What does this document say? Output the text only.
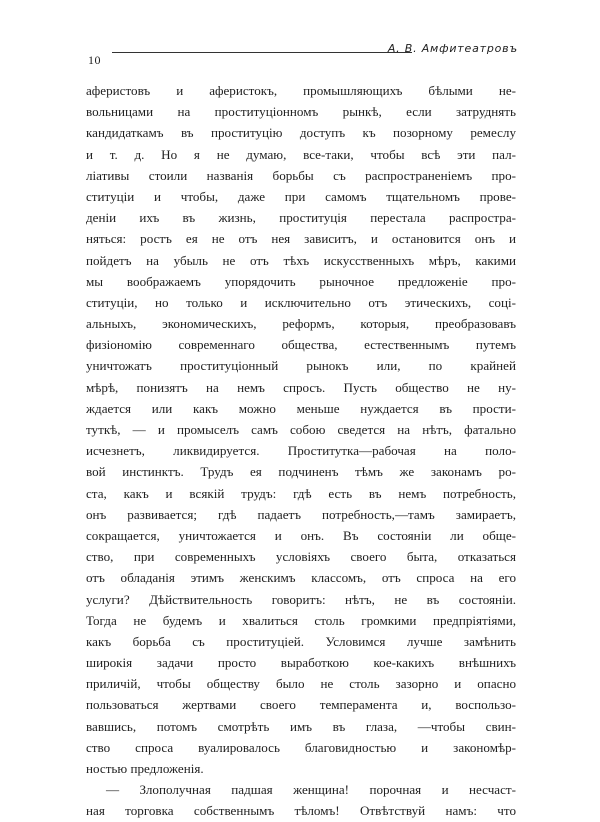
10
А. В. Амфитеатровъ
аферистовъ и аферистокъ, промышляющихъ бѣлыми не-
вольницами на проституціонномъ рынкѣ, если затруднять
кандидаткамъ въ проституцію доступъ къ позорному ремеслу
и т. д. Но я не думаю, все-таки, чтобы всѣ эти пал-
ліативы стоили названія борьбы съ распространеніемъ про-
ституціи и чтобы, даже при самомъ тщательномъ прове-
деніи ихъ въ жизнь, проституція перестала распростра-
няться: ростъ ея не отъ нея зависитъ, и остановится онъ и
пойдетъ на убыль не отъ тѣхъ искусственныхъ мѣръ, какими
мы воображаемъ упорядочить рыночное предложеніе про-
ституціи, но только и исключительно отъ этическихъ, соці-
альныхъ, экономическихъ, реформъ, которыя, преобразовавъ
физіономію современнаго общества, естественнымъ путемъ
уничтожатъ проституціонный рынокъ или, по крайней
мѣрѣ, понизятъ на немъ спросъ. Пусть общество не ну-
ждается или какъ можно меньше нуждается въ прости-
туткѣ, — и промыселъ самъ собою сведется на нѣтъ, фатально
исчезнетъ, ликвидируется. Проститутка—рабочая на поло-
вой инстинктъ. Трудъ ея подчиненъ тѣмъ же законамъ ро-
ста, какъ и всякій трудъ: гдѣ есть въ немъ потребность,
онъ развивается; гдѣ падаетъ потребность,—тамъ замираетъ,
сокращается, уничтожается и онъ. Въ состояніи ли обще-
ство, при современныхъ условіяхъ своего быта, отказаться
отъ обладанія этимъ женскимъ классомъ, отъ спроса на его
услуги? Дѣйствительность говоритъ: нѣтъ, не въ состояніи.
Тогда не будемъ и хвалиться столь громкими предпріятіями,
какъ борьба съ проституціей. Условимся лучше замѣнить
широкія задачи просто выработкою кое-какихъ внѣшнихъ
приличій, чтобы обществу было не столь зазорно и опасно
пользоваться жертвами своего темперамента и, воспользо-
вавшись, потомъ смотрѣть имъ въ глаза, —чтобы свин-
ство спроса вуалировалось благовидностью и закономѣр-
ностью предложенія.
— Злополучная падшая женщина! порочная и несчаст-
ная торговка собственнымъ тѣломъ! Отвѣтствуй намъ: что
